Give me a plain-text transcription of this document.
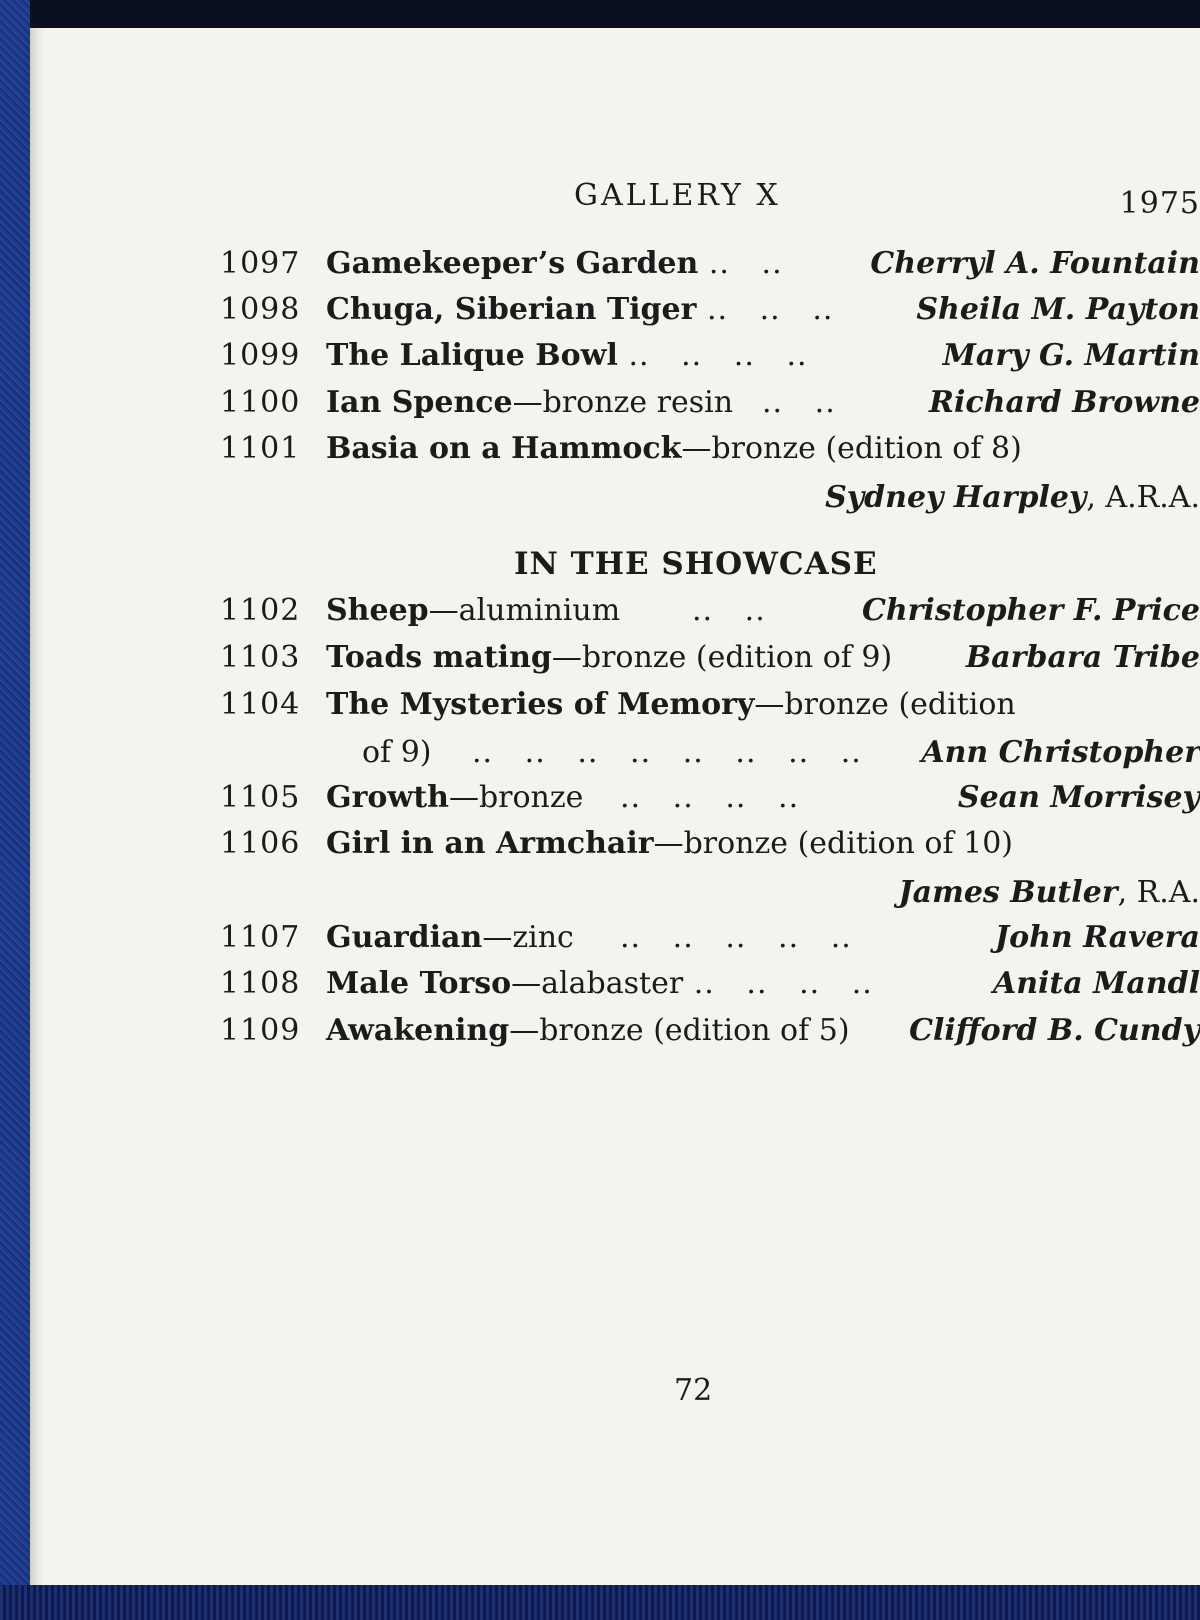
GALLERY X	1975
1097 Gamekeeper’s Garden ..   ..	Cherryl A. Fountain
1098 Chuga, Siberian Tiger ..   ..   ..	Sheila M. Payton
1099 The Lalique Bowl ..   ..   ..   ..	Mary G. Martin
1100 Ian Spence—bronze resin ..   ..	Richard Browne
1101 Basia on a Hammock—bronze (edition of 8)
Sydney Harpley, A.R.A.
IN THE SHOWCASE
1102 Sheep—aluminium ..   ..	Christopher F. Price
1103 Toads mating—bronze (edition of 9) Barbara Tribe
1104 The Mysteries of Memory—bronze (edition
of 9) ..   ..   ..   ..   ..   ..   ..   .. Ann Christopher
1105 Growth—bronze ..   ..   ..   ..	Sean Morrisey
1106 Girl in an Armchair—bronze (edition of 10)
James Butler, R.A.
1107 Guardian—zinc ..   ..   ..   ..   ..	John Ravera
1108 Male Torso—alabaster ..   ..   ..   ..	Anita Mandl
1109 Awakening—bronze (edition of 5) Clifford B. Cundy
72
